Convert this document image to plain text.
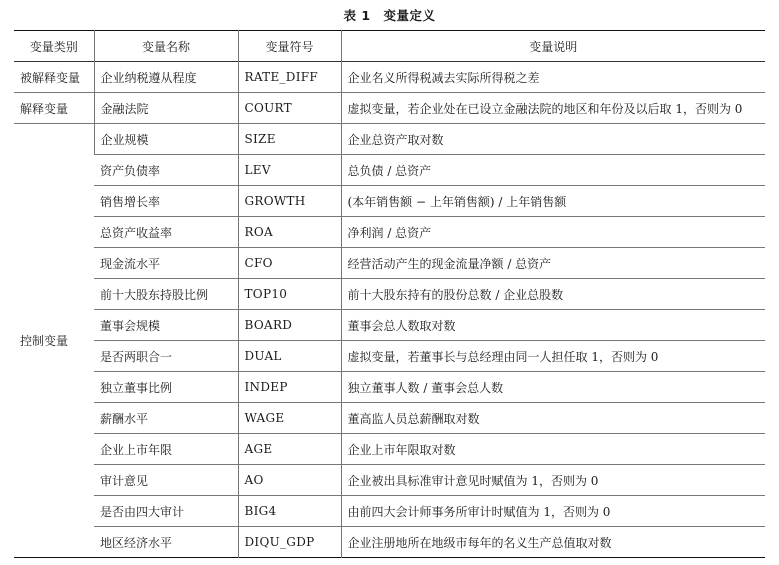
表 1　变量定义
变量类别	变量名称	变量符号	变量说明
被解释变量	企业纳税遵从程度	RATE_DIFF	企业名义所得税减去实际所得税之差
解释变量	金融法院	COURT	虚拟变量，若企业处在已设立金融法院的地区和年份及以后取 1，否则为 0
控制变量	企业规模	SIZE	企业总资产取对数
	资产负债率	LEV	总负债 / 总资产
	销售增长率	GROWTH	(本年销售额 − 上年销售额) / 上年销售额
	总资产收益率	ROA	净利润 / 总资产
	现金流水平	CFO	经营活动产生的现金流量净额 / 总资产
	前十大股东持股比例	TOP10	前十大股东持有的股份总数 / 企业总股数
	董事会规模	BOARD	董事会总人数取对数
	是否两职合一	DUAL	虚拟变量，若董事长与总经理由同一人担任取 1，否则为 0
	独立董事比例	INDEP	独立董事人数 / 董事会总人数
	薪酬水平	WAGE	董高监人员总薪酬取对数
	企业上市年限	AGE	企业上市年限取对数
	审计意见	AO	企业被出具标准审计意见时赋值为 1，否则为 0
	是否由四大审计	BIG4	由前四大会计师事务所审计时赋值为 1，否则为 0
	地区经济水平	DIQU_GDP	企业注册地所在地级市每年的名义生产总值取对数
